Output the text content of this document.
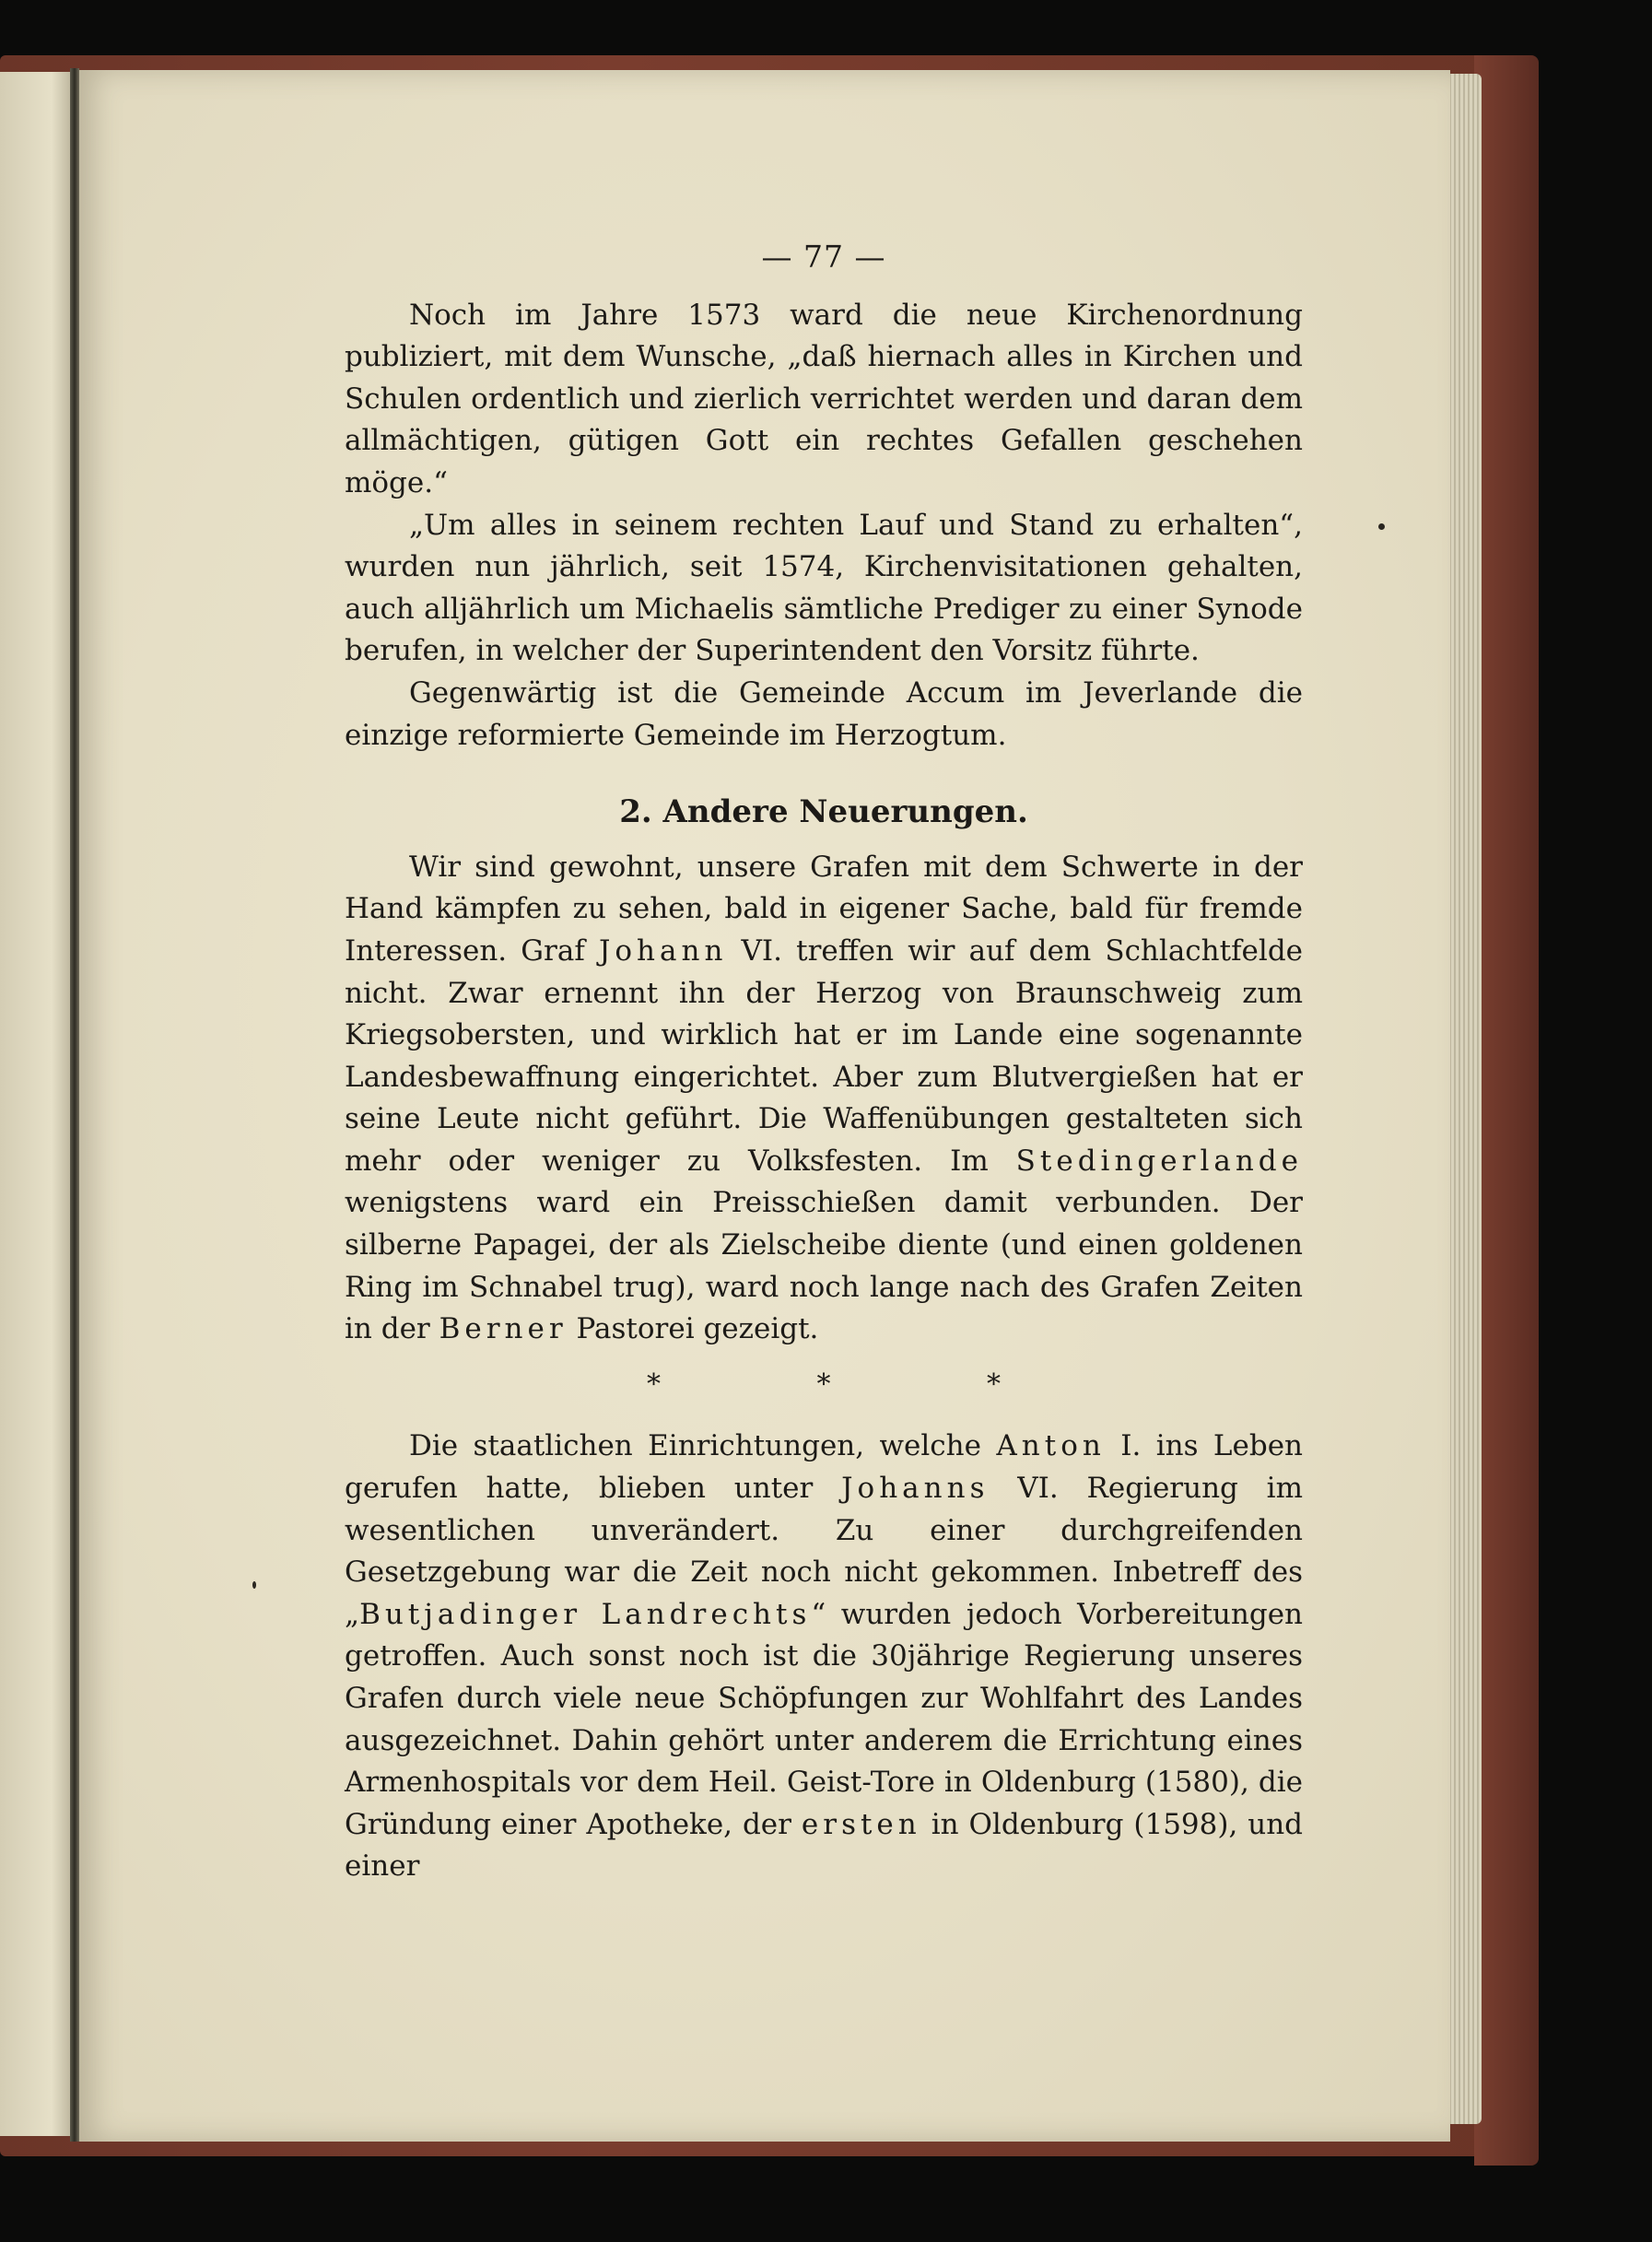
— 77 —

Noch im Jahre 1573 ward die neue Kirchenordnung publiziert, mit dem Wunsche, „daß hiernach alles in Kirchen und Schulen ordentlich und zierlich verrichtet werden und daran dem allmächtigen, gütigen Gott ein rechtes Gefallen geschehen möge.“

„Um alles in seinem rechten Lauf und Stand zu erhalten“, wurden nun jährlich, seit 1574, Kirchenvisitationen gehalten, auch alljährlich um Michaelis sämtliche Prediger zu einer Synode berufen, in welcher der Superintendent den Vorsitz führte.

Gegenwärtig ist die Gemeinde Accum im Jeverlande die einzige reformierte Gemeinde im Herzogtum.

2. Andere Neuerungen.

Wir sind gewohnt, unsere Grafen mit dem Schwerte in der Hand kämpfen zu sehen, bald in eigener Sache, bald für fremde Interessen. Graf Johann VI. treffen wir auf dem Schlachtfelde nicht. Zwar ernennt ihn der Herzog von Braunschweig zum Kriegsobersten, und wirklich hat er im Lande eine sogenannte Landesbewaffnung eingerichtet. Aber zum Blutvergießen hat er seine Leute nicht geführt. Die Waffenübungen gestalteten sich mehr oder weniger zu Volksfesten. Im Stedingerlande wenigstens ward ein Preisschießen damit verbunden. Der silberne Papagei, der als Zielscheibe diente (und einen goldenen Ring im Schnabel trug), ward noch lange nach des Grafen Zeiten in der Berner Pastorei gezeigt.

* * *

Die staatlichen Einrichtungen, welche Anton I. ins Leben gerufen hatte, blieben unter Johanns VI. Regierung im wesentlichen unverändert. Zu einer durchgreifenden Gesetzgebung war die Zeit noch nicht gekommen. Inbetreff des „Butjadinger Landrechts“ wurden jedoch Vorbereitungen getroffen. Auch sonst noch ist die 30jährige Regierung unseres Grafen durch viele neue Schöpfungen zur Wohlfahrt des Landes ausgezeichnet. Dahin gehört unter anderem die Errichtung eines Armenhospitals vor dem Heil. Geist-Tore in Oldenburg (1580), die Gründung einer Apotheke, der ersten in Oldenburg (1598), und einer
